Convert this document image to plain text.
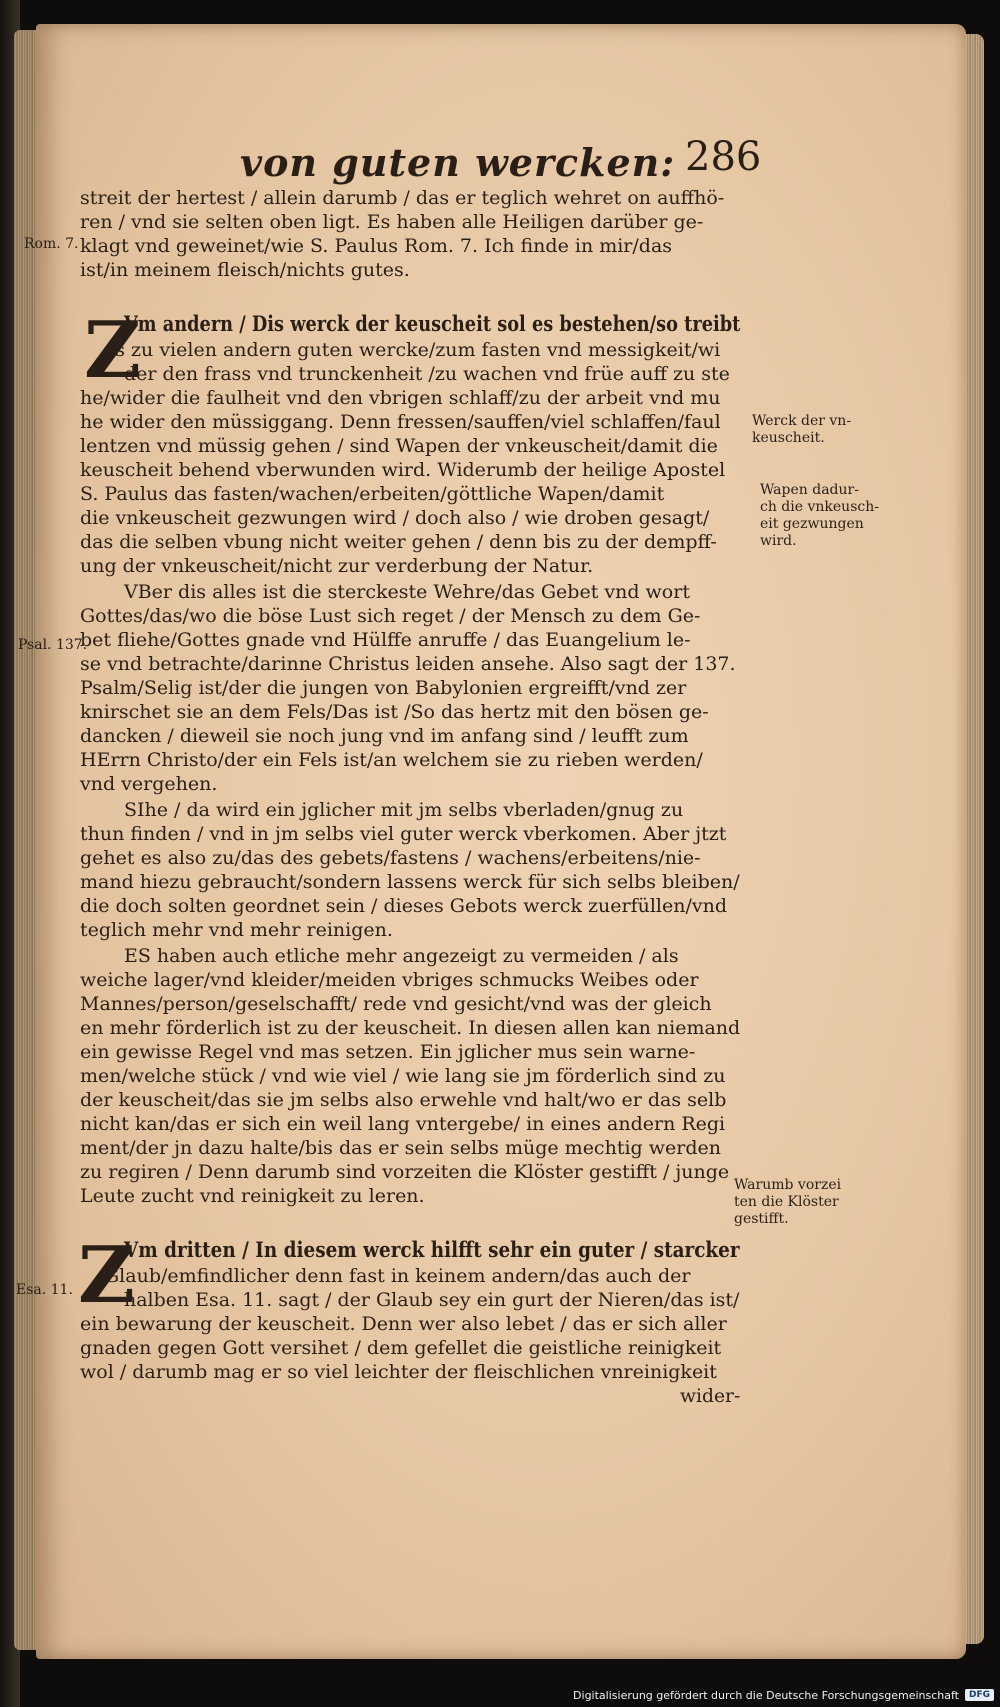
von guten wercken: 286
Rom. 7.
Psal. 137.
Esa. 11.
Werck der vn-
keuscheit.
Wapen dadur-
ch die vnkeusch-
eit gezwungen
wird.
Warumb vorzei
ten die Klöster
gestifft.
Z
Z
streit der hertest / allein darumb / das er teglich wehret on auffhö-
ren / vnd sie selten oben ligt. Es haben alle Heiligen darüber ge-
klagt vnd geweinet/wie S. Paulus Rom. 7. Ich finde in mir/das
ist/in meinem fleisch/nichts gutes.
Vm andern / Dis werck der keuscheit sol es bestehen/so treibt
es zu vielen andern guten wercke/zum fasten vnd messigkeit/wi
der den frass vnd trunckenheit /zu wachen vnd früe auff zu ste
he/wider die faulheit vnd den vbrigen schlaff/zu der arbeit vnd mu
he wider den müssiggang. Denn fressen/sauffen/viel schlaffen/faul
lentzen vnd müssig gehen / sind Wapen der vnkeuscheit/damit die
keuscheit behend vberwunden wird. Widerumb der heilige Apostel
S. Paulus das fasten/wachen/erbeiten/göttliche Wapen/damit
die vnkeuscheit gezwungen wird / doch also / wie droben gesagt/
das die selben vbung nicht weiter gehen / denn bis zu der dempff-
ung der vnkeuscheit/nicht zur verderbung der Natur.
VBer dis alles ist die sterckeste Wehre/das Gebet vnd wort
Gottes/das/wo die böse Lust sich reget / der Mensch zu dem Ge-
bet fliehe/Gottes gnade vnd Hülffe anruffe / das Euangelium le-
se vnd betrachte/darinne Christus leiden ansehe. Also sagt der 137.
Psalm/Selig ist/der die jungen von Babylonien ergreifft/vnd zer
knirschet sie an dem Fels/Das ist /So das hertz mit den bösen ge-
dancken / dieweil sie noch jung vnd im anfang sind / leufft zum
HErrn Christo/der ein Fels ist/an welchem sie zu rieben werden/
vnd vergehen.
SIhe / da wird ein jglicher mit jm selbs vberladen/gnug zu
thun finden / vnd in jm selbs viel guter werck vberkomen. Aber jtzt
gehet es also zu/das des gebets/fastens / wachens/erbeitens/nie-
mand hiezu gebraucht/sondern lassens werck für sich selbs bleiben/
die doch solten geordnet sein / dieses Gebots werck zuerfüllen/vnd
teglich mehr vnd mehr reinigen.
ES haben auch etliche mehr angezeigt zu vermeiden / als
weiche lager/vnd kleider/meiden vbriges schmucks Weibes oder
Mannes/person/geselschafft/ rede vnd gesicht/vnd was der gleich
en mehr förderlich ist zu der keuscheit. In diesen allen kan niemand
ein gewisse Regel vnd mas setzen. Ein jglicher mus sein warne-
men/welche stück / vnd wie viel / wie lang sie jm förderlich sind zu
der keuscheit/das sie jm selbs also erwehle vnd halt/wo er das selb
nicht kan/das er sich ein weil lang vntergebe/ in eines andern Regi
ment/der jn dazu halte/bis das er sein selbs müge mechtig werden
zu regiren / Denn darumb sind vorzeiten die Klöster gestifft / junge
Leute zucht vnd reinigkeit zu leren.
Vm dritten / In diesem werck hilfft sehr ein guter / starcker
Glaub/emfindlicher denn fast in keinem andern/das auch der
halben Esa. 11. sagt / der Glaub sey ein gurt der Nieren/das ist/
ein bewarung der keuscheit. Denn wer also lebet / das er sich aller
gnaden gegen Gott versihet / dem gefellet die geistliche reinigkeit
wol / darumb mag er so viel leichter der fleischlichen vnreinigkeit
wider-
Digitalisierung gefördert durch die Deutsche Forschungsgemeinschaft	DFG
